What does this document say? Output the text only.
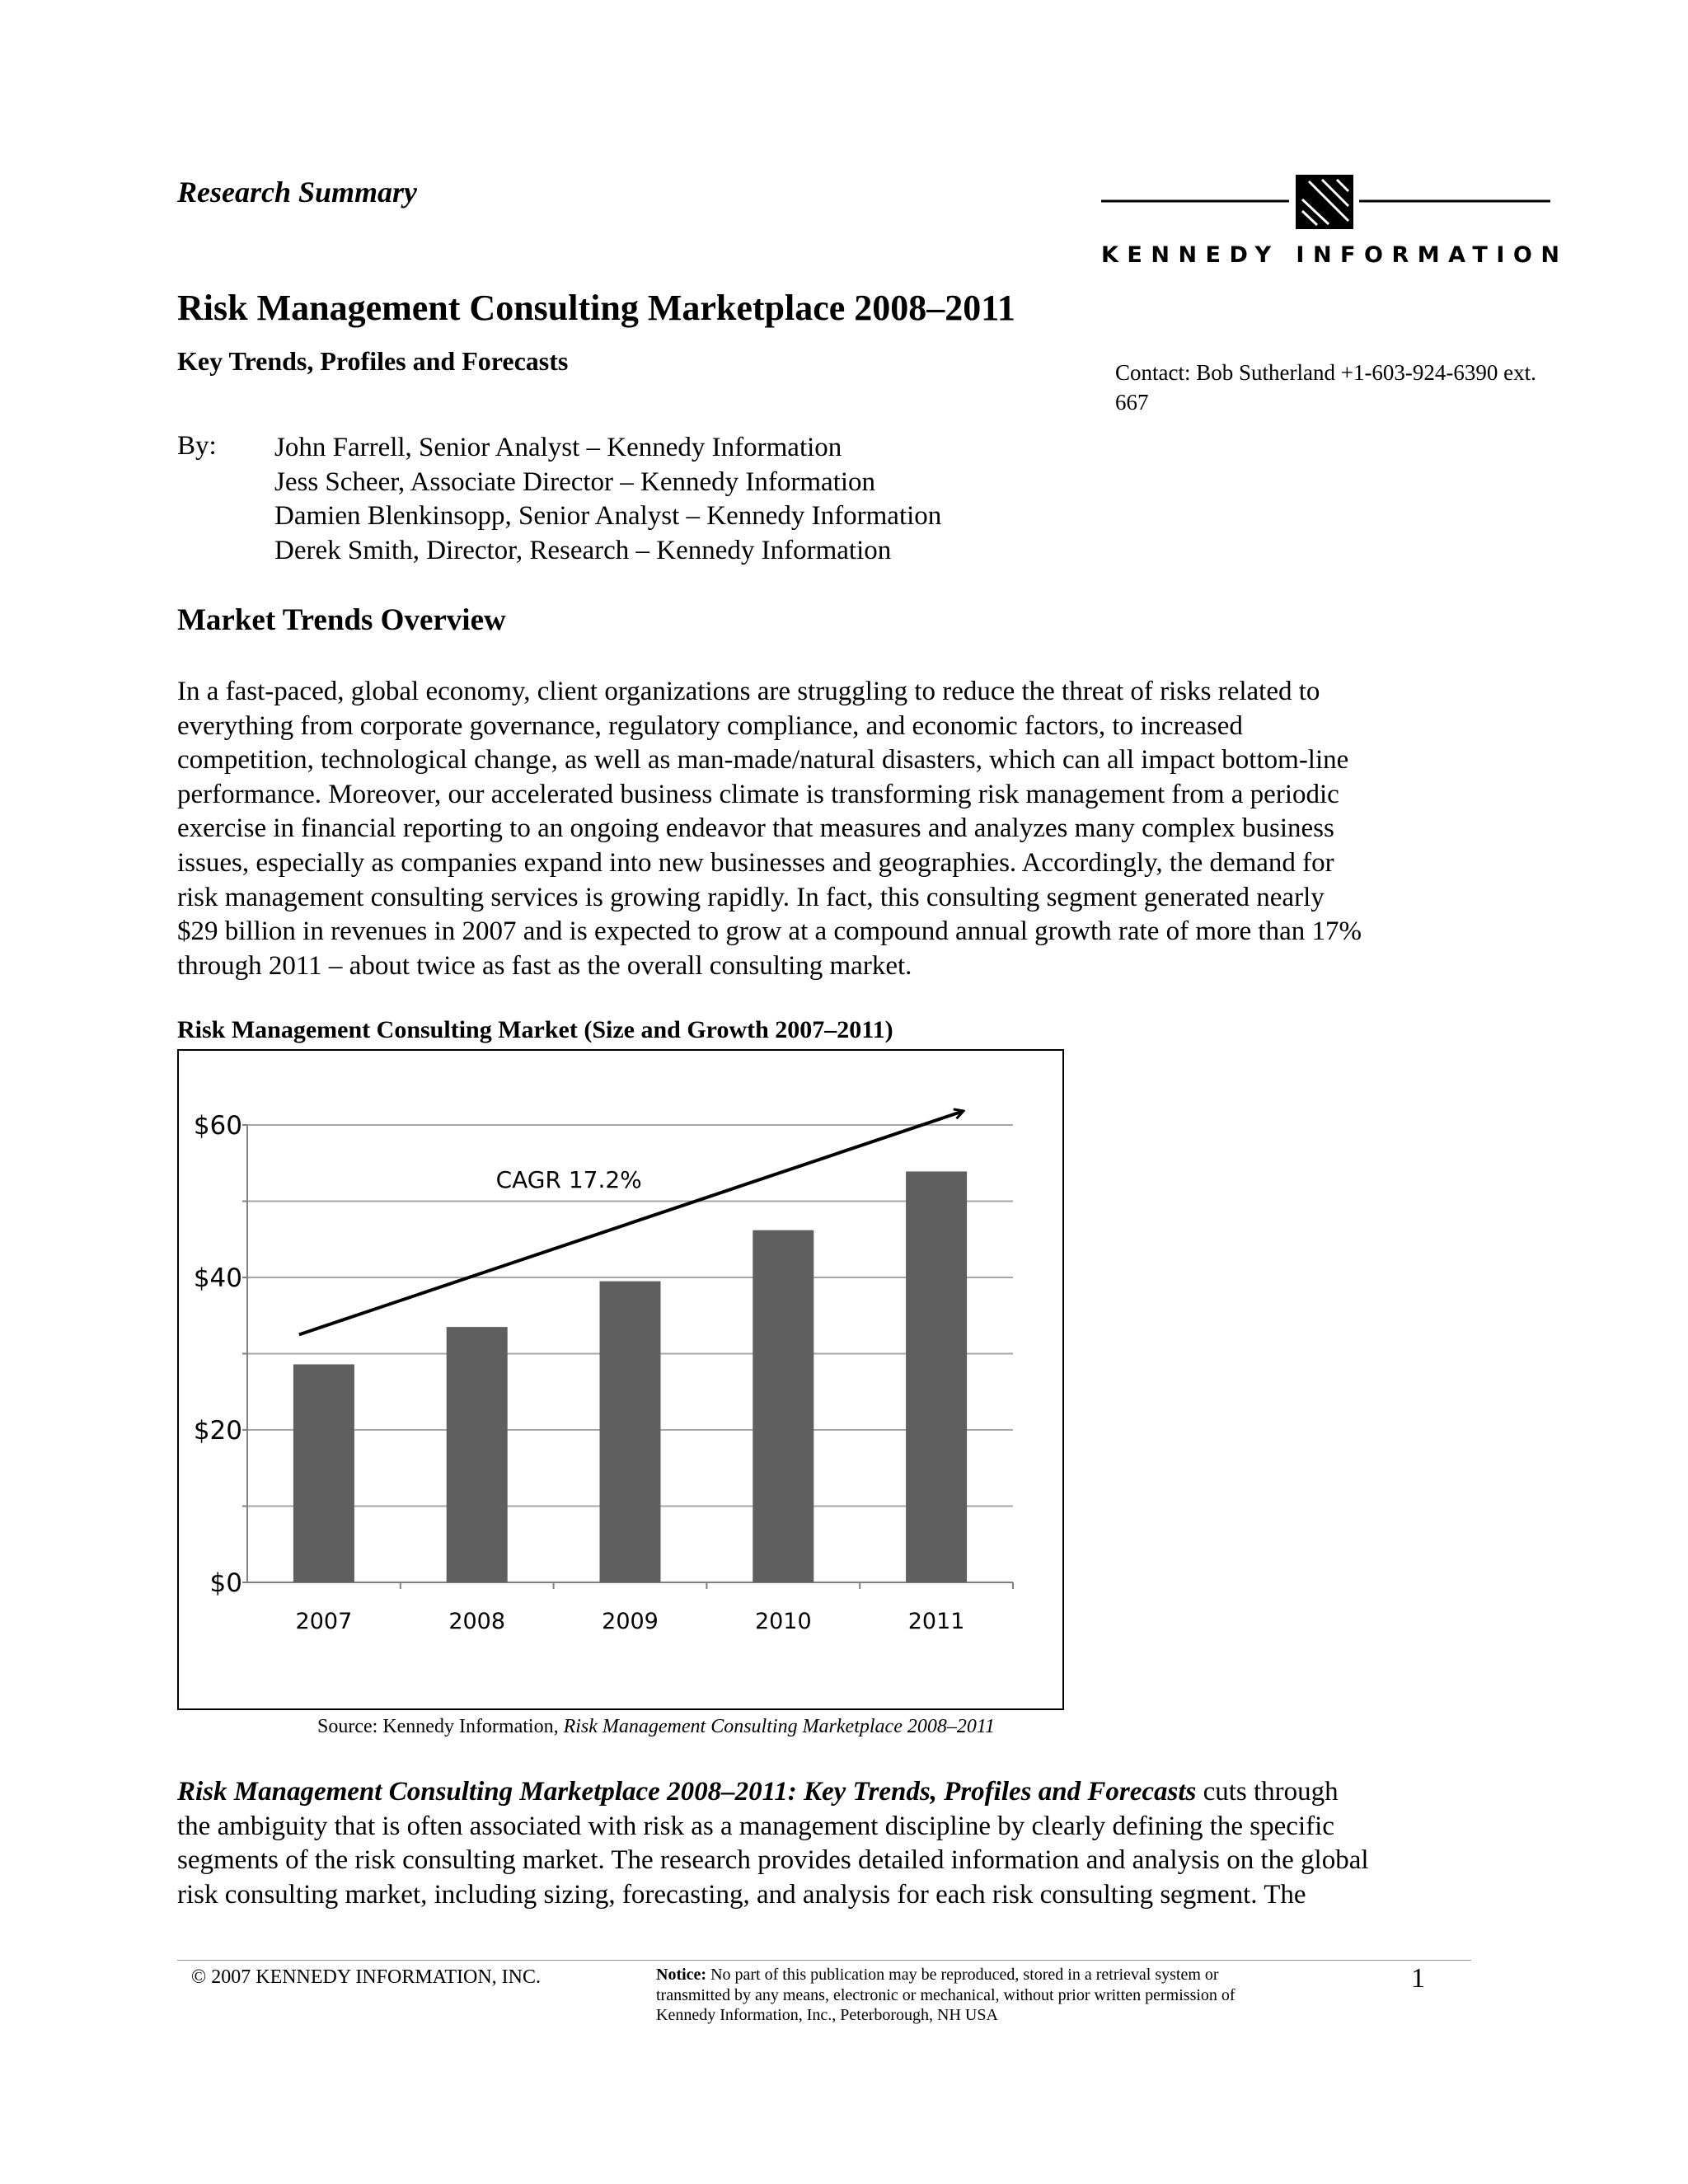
Research Summary
KENNEDY INFORMATION
Risk Management Consulting Marketplace 2008–2011
Key Trends, Profiles and Forecasts	Contact: Bob Sutherland +1-603-924-6390 ext. 667
By: John Farrell, Senior Analyst – Kennedy Information
Jess Scheer, Associate Director – Kennedy Information
Damien Blenkinsopp, Senior Analyst – Kennedy Information
Derek Smith, Director, Research – Kennedy Information
Market Trends Overview

In a fast-paced, global economy, client organizations are struggling to reduce the threat of risks related to

everything from corporate governance, regulatory compliance, and economic factors, to increased

competition, technological change, as well as man-made/natural disasters, which can all impact bottom-line

performance. Moreover, our accelerated business climate is transforming risk management from a periodic

exercise in financial reporting to an ongoing endeavor that measures and analyzes many complex business

issues, especially as companies expand into new businesses and geographies. Accordingly, the demand for

risk management consulting services is growing rapidly. In fact, this consulting segment generated nearly

$29 billion in revenues in 2007 and is expected to grow at a compound annual growth rate of more than 17%

through 2011 – about twice as fast as the overall consulting market.

Risk Management Consulting Market (Size and Growth 2007–2011)
$0
$20
$40
$60
2007	2008	2009	2010	2011
CAGR 17.2%
Source: Kennedy Information, Risk Management Consulting Marketplace 2008–2011

Risk Management Consulting Marketplace 2008–2011: Key Trends, Profiles and Forecasts cuts through

the ambiguity that is often associated with risk as a management discipline by clearly defining the specific

segments of the risk consulting market. The research provides detailed information and analysis on the global

risk consulting market, including sizing, forecasting, and analysis for each risk consulting segment. The

© 2007 KENNEDY INFORMATION, INC.	Notice: No part of this publication may be reproduced, stored in a retrieval system or
transmitted by any means, electronic or mechanical, without prior written permission of
Kennedy Information, Inc., Peterborough, NH USA
1
